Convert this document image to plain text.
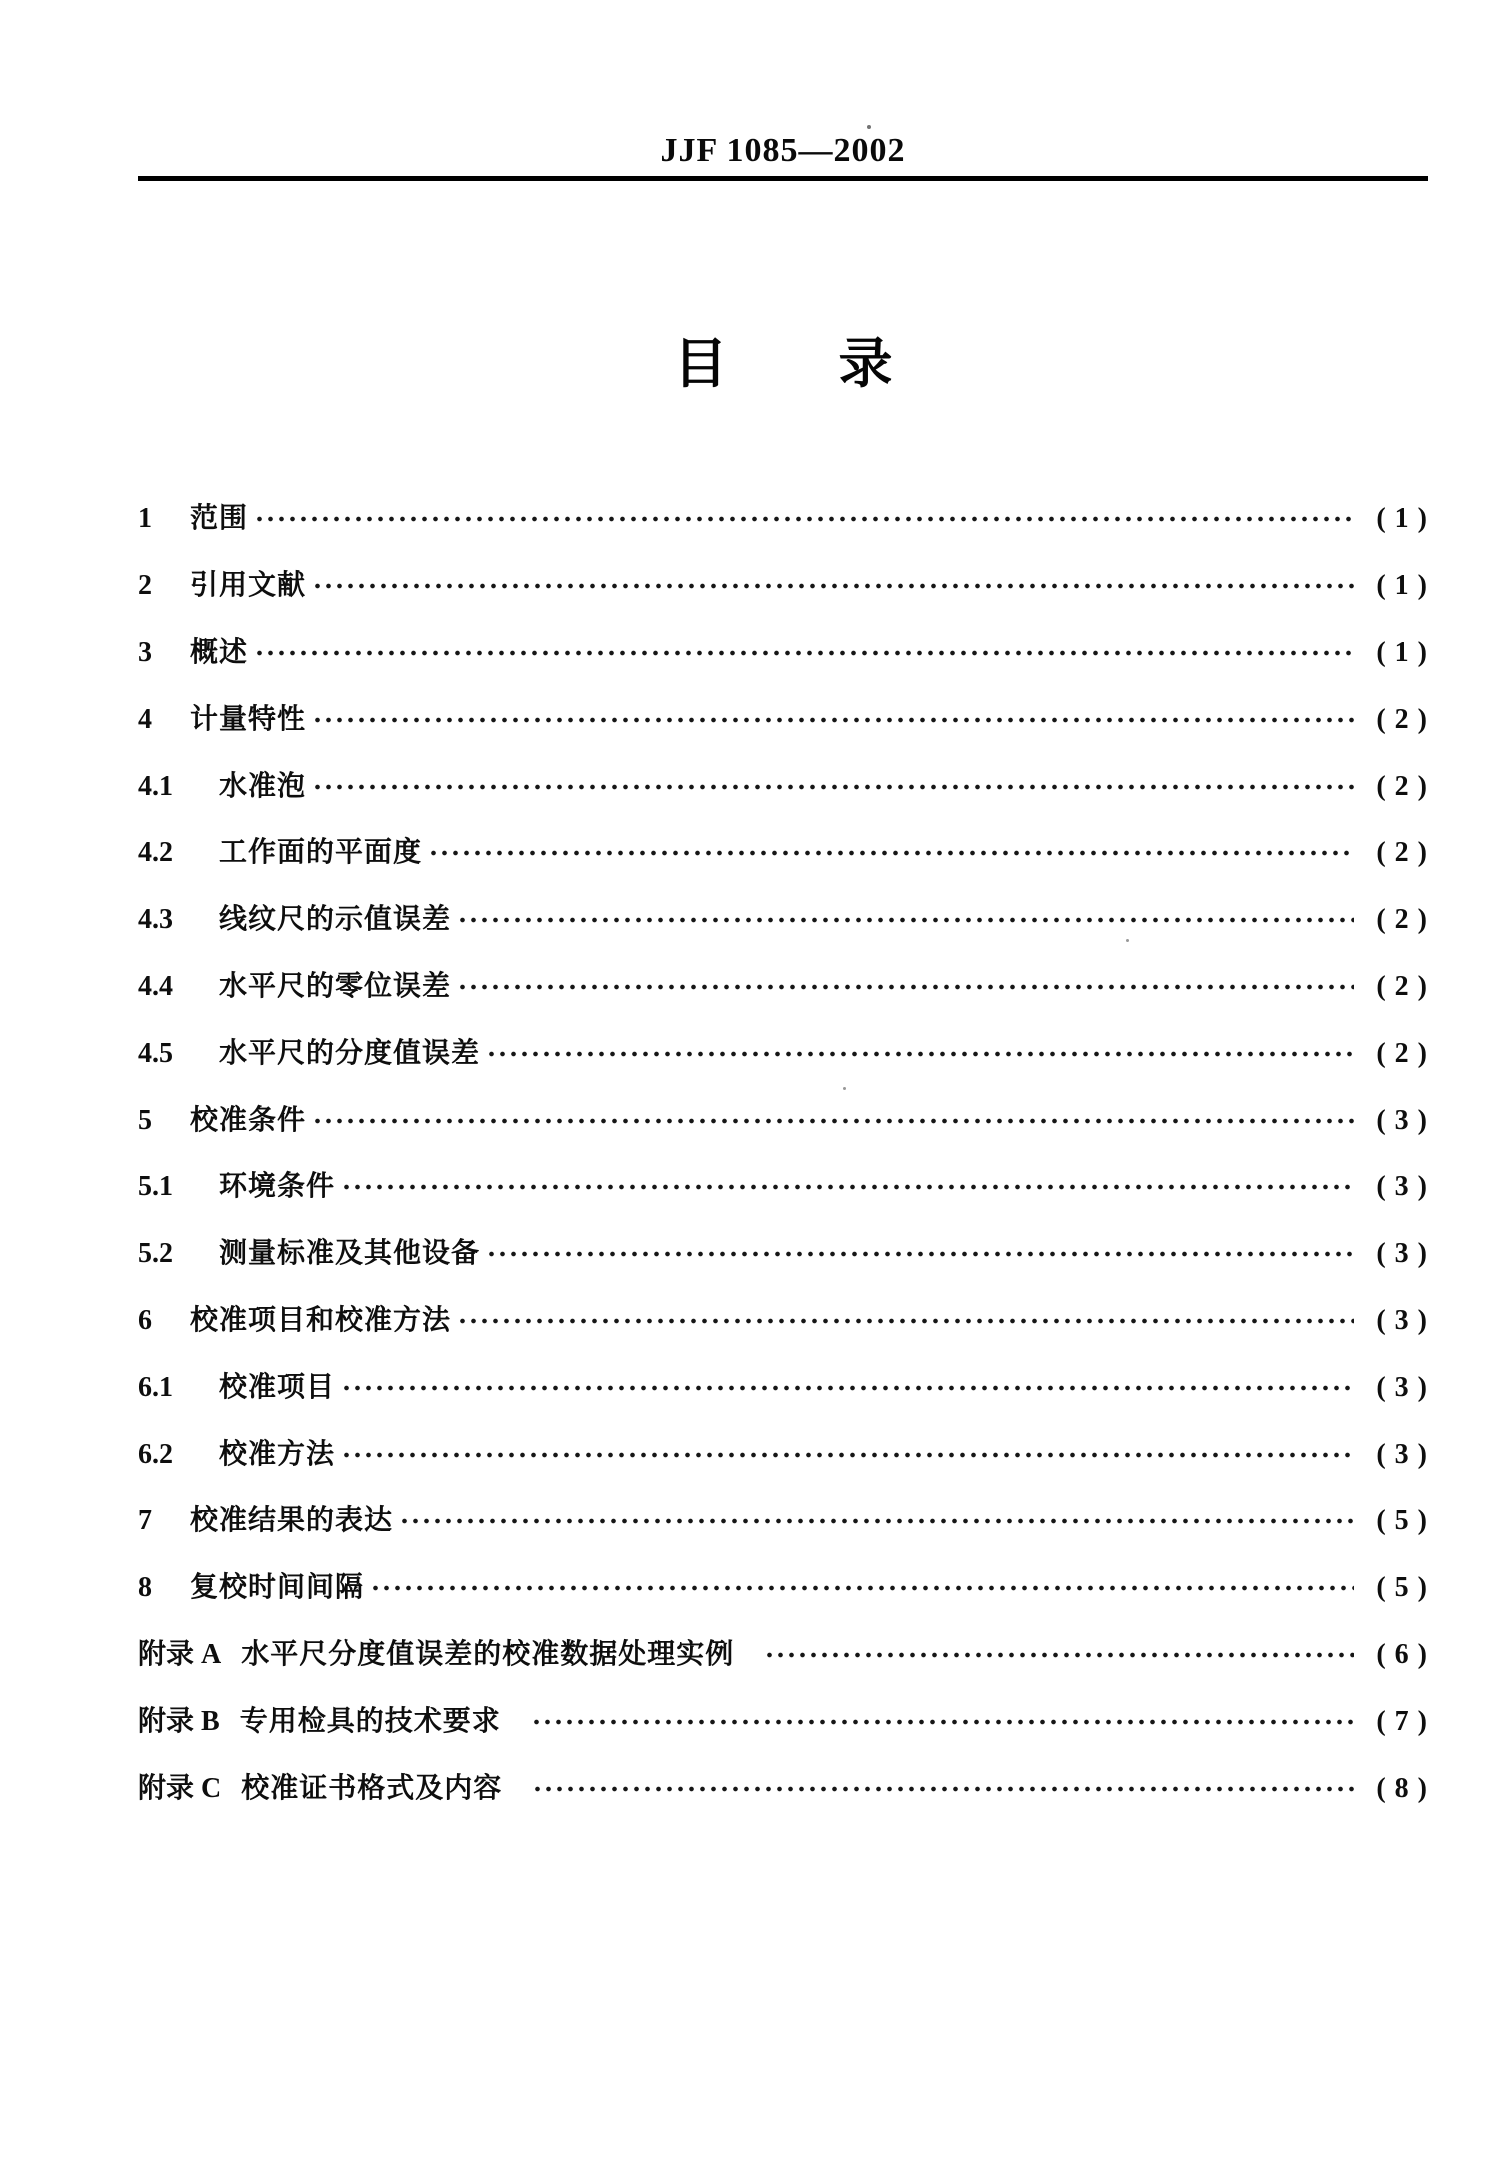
JJF 1085—2002
目 录
1	范围	( 1 )
2	引用文献	( 1 )
3	概述	( 1 )
4	计量特性	( 2 )
4.1	水准泡	( 2 )
4.2	工作面的平面度	( 2 )
4.3	线纹尺的示值误差	( 2 )
4.4	水平尺的零位误差	( 2 )
4.5	水平尺的分度值误差	( 2 )
5	校准条件	( 3 )
5.1	环境条件	( 3 )
5.2	测量标准及其他设备	( 3 )
6	校准项目和校准方法	( 3 )
6.1	校准项目	( 3 )
6.2	校准方法	( 3 )
7	校准结果的表达	( 5 )
8	复校时间间隔	( 5 )
附录 A 水平尺分度值误差的校准数据处理实例	( 6 )
附录 B 专用检具的技术要求	( 7 )
附录 C 校准证书格式及内容	( 8 )
